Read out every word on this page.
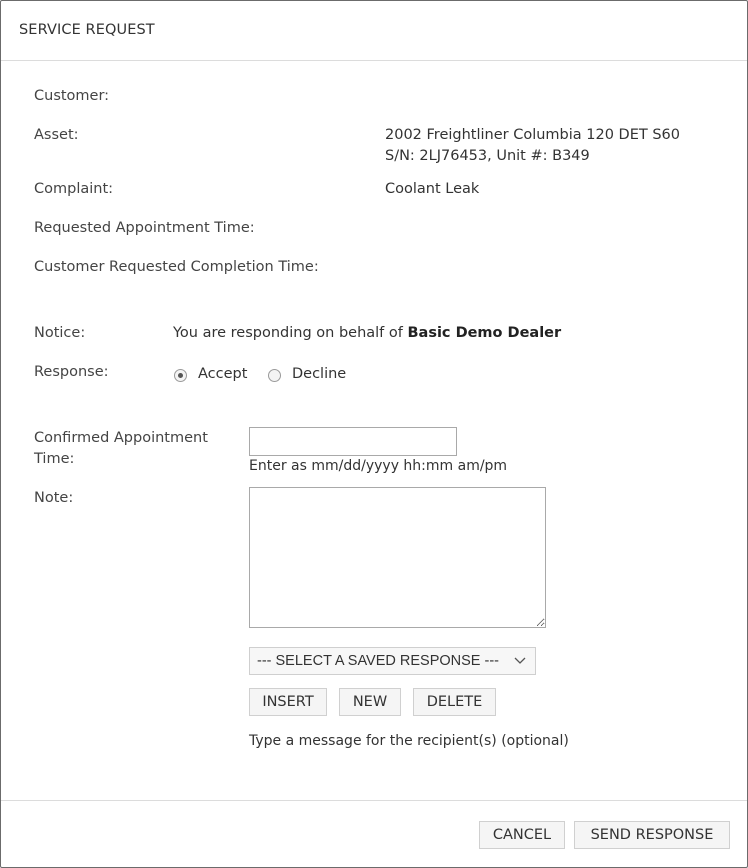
SERVICE REQUEST
Customer:
Asset:	2002 Freightliner Columbia 120 DET S60
S/N: 2LJ76453, Unit #: B349
Complaint:	Coolant Leak
Requested Appointment Time:
Customer Requested Completion Time:
Notice:	You are responding on behalf of Basic Demo Dealer
Response:	Accept	Decline
Confirmed Appointment
Time:	Enter as mm/dd/yyyy hh:mm am/pm
Note:
--- SELECT A SAVED RESPONSE ---
INSERT	NEW	DELETE
Type a message for the recipient(s) (optional)
CANCEL	SEND RESPONSE
